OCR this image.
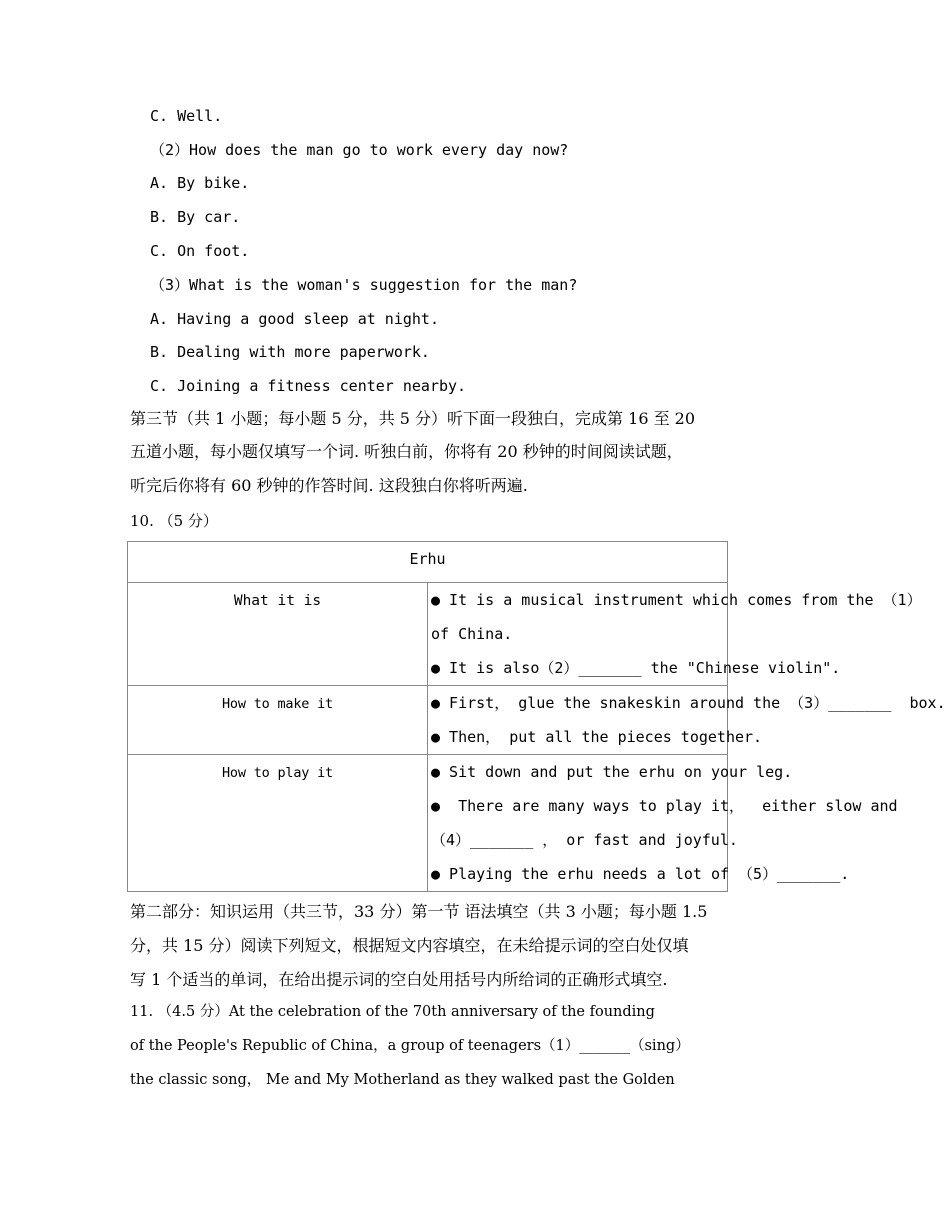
C. Well.
（2）How does the man go to work every day now?
A. By bike.
B. By car.
C. On foot.
（3）What is the woman's suggestion for the man?
A. Having a good sleep at night.
B. Dealing with more paperwork.
C. Joining a fitness center nearby.
第三节（共 1 小题；每小题 5 分，共 5 分）听下面一段独白，完成第 16 至 20
五道小题，每小题仅填写一个词. 听独白前，你将有 20 秒钟的时间阅读试题，
听完后你将有 60 秒钟的作答时间. 这段独白你将听两遍.
10. （5 分）
Erhu	
What it is	● It is a musical instrument which comes from the （1）
of China.
● It is also（2）_______ the "Chinese violin".

How to make it	● First， glue the snakeskin around the （3）_______  box.
● Then， put all the pieces together.

How to play it	● Sit down and put the erhu on your leg.
●  There are many ways to play it，  either slow and
（4）_______ ， or fast and joyful.
● Playing the erhu needs a lot of （5）_______.
第二部分：知识运用（共三节，33 分）第一节 语法填空（共 3 小题；每小题 1.5
分，共 15 分）阅读下列短文，根据短文内容填空，在未给提示词的空白处仅填
写 1 个适当的单词，在给出提示词的空白处用括号内所给词的正确形式填空.
11. （4.5 分）At the celebration of the 70th anniversary of the founding
of the People's Republic of China，a group of teenagers（1）_______（sing）
the classic song， Me and My Motherland as they walked past the Golden
